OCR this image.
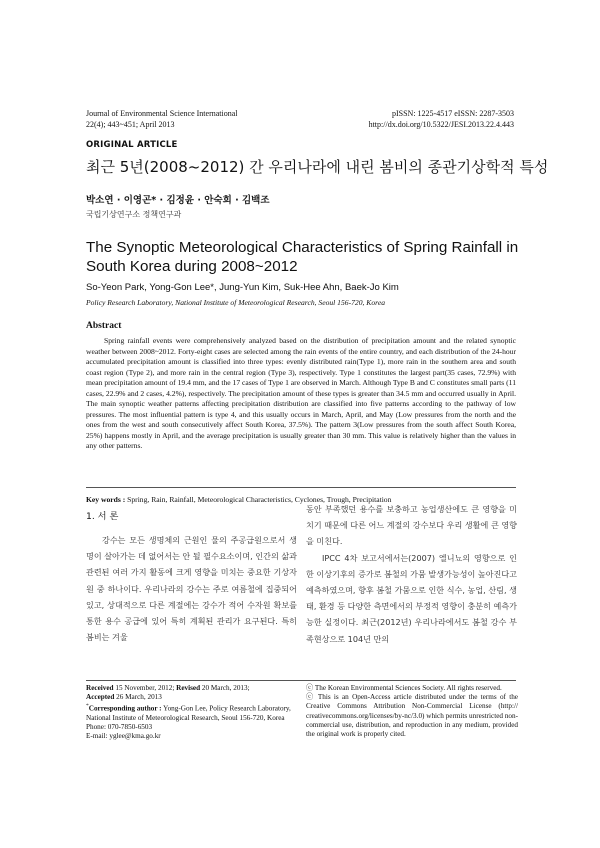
Journal of Environmental Science International
22(4); 443~451; April 2013
pISSN: 1225-4517 eISSN: 2287-3503
http://dx.doi.org/10.5322/JESI.2013.22.4.443
ORIGINAL ARTICLE
최근 5년(2008~2012) 간 우리나라에 내린 봄비의 종관기상학적 특성
박소연 · 이영곤* · 김정윤 · 안숙희 · 김백조
국립기상연구소 정책연구과
The Synoptic Meteorological Characteristics of Spring Rainfall in South Korea during 2008~2012
So-Yeon Park, Yong-Gon Lee*, Jung-Yun Kim, Suk-Hee Ahn, Baek-Jo Kim
Policy Research Laboratory, National Institute of Meteorological Research, Seoul 156-720, Korea
Abstract
Spring rainfall events were comprehensively analyzed based on the distribution of precipitation amount and the related synoptic weather between 2008~2012. Forty-eight cases are selected among the rain events of the entire country, and each distribution of the 24-hour accumulated precipitation amount is classified into three types: evenly distributed rain(Type 1), more rain in the southern area and south coast region (Type 2), and more rain in the central region (Type 3), respectively. Type 1 constitutes the largest part(35 cases, 72.9%) with mean precipitation amount of 19.4 mm, and the 17 cases of Type 1 are observed in March. Although Type B and C constitutes small parts (11 cases, 22.9% and 2 cases, 4.2%), respectively. The precipitation amount of these types is greater than 34.5 mm and occurred usually in April. The main synoptic weather patterns affecting precipitation distribution are classified into five patterns according to the pathway of low pressures. The most influential pattern is type 4, and this usually occurs in March, April, and May (Low pressures from the north and the ones from the west and south consecutively affect South Korea, 37.5%). The pattern 3(Low pressures from the south affect South Korea, 25%) happens mostly in April, and the average precipitation is usually greater than 30 mm. This value is relatively higher than the values in any other patterns.
Key words : Spring, Rain, Rainfall, Meteorological Characteristics, Cyclones, Trough, Precipitation
1. 서 론

강수는 모든 생명체의 근원인 물의 주공급원으로서 생명이 살아가는 데 없어서는 안 될 필수요소이며, 인간의 삶과 관련된 여러 가지 활동에 크게 영향을 미치는 중요한 기상자원 중 하나이다. 우리나라의 강수는 주로 여름철에 집중되어 있고, 상대적으로 다른 계절에는 강수가 적어 수자원 확보를 통한 용수 공급에 있어 특히 계획된 관리가 요구된다. 특히 봄비는 겨울

동안 부족했던 용수를 보충하고 농업생산에도 큰 영향을 미치기 때문에 다른 어느 계절의 강수보다 우리 생활에 큰 영향을 미친다.

IPCC 4차 보고서에서는(2007) 엘니뇨의 영향으로 인한 이상기후의 증가로 봄철의 가뭄 발생가능성이 높아진다고 예측하였으며, 향후 봄철 가뭄으로 인한 식수, 농업, 산림, 생태, 환경 등 다양한 측면에서의 부정적 영향이 충분히 예측가능한 실정이다. 최근(2012년) 우리나라에서도 봄철 강수 부족현상으로 104년 만의

Received 15 November, 2012; Revised 20 March, 2013;
Accepted 26 March, 2013
*Corresponding author : Yong-Gon Lee, Policy Research Laboratory, National Institute of Meteorological Research, Seoul 156-720, Korea
Phone: 070-7850-6503
E-mail: yglee@kma.go.kr
ⓒ The Korean Environmental Sciences Society. All rights reserved.
ⓒ This is an Open-Access article distributed under the terms of the Creative Commons Attribution Non-Commercial License (http:// creativecommons.org/licenses/by-nc/3.0) which permits unrestricted non-commercial use, distribution, and reproduction in any medium, provided the original work is properly cited.
